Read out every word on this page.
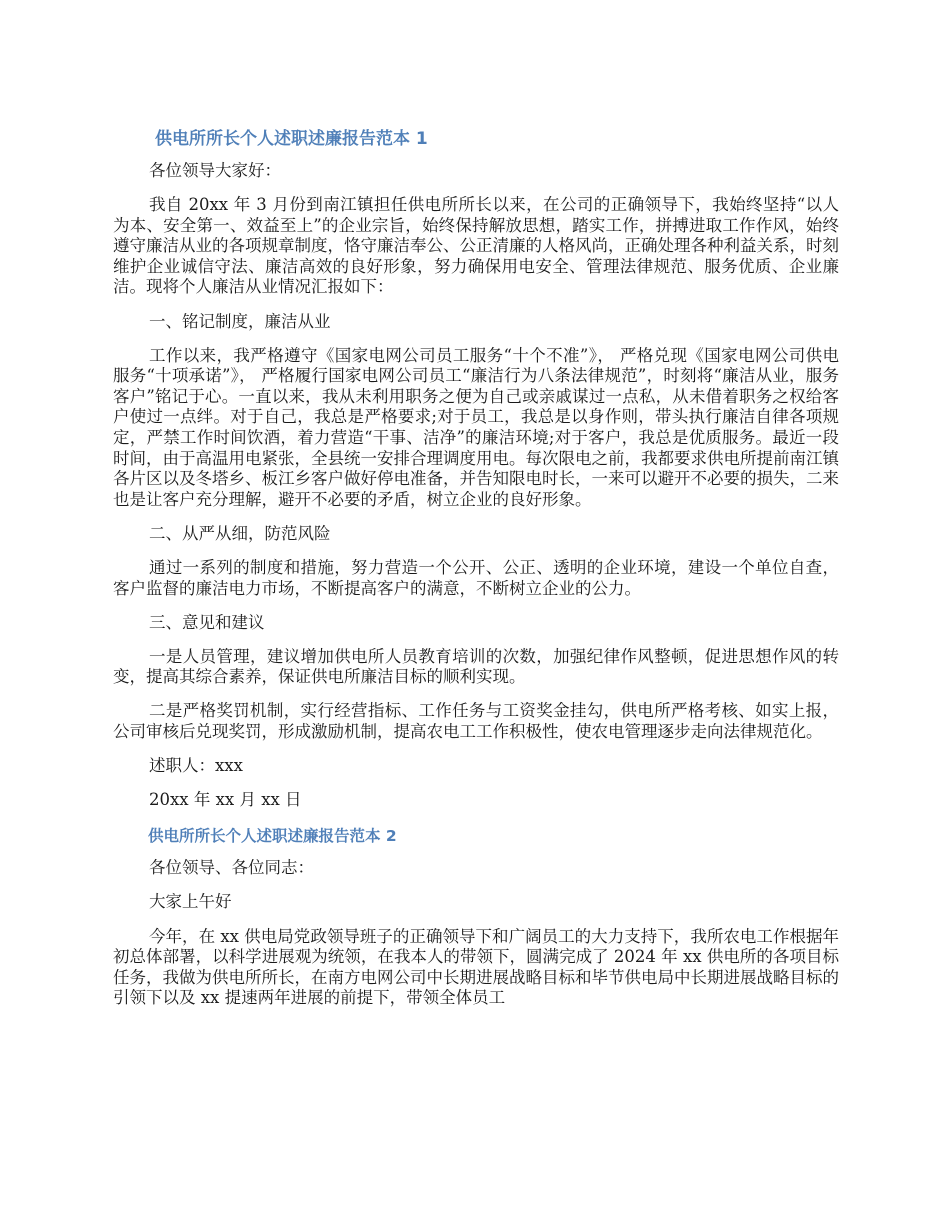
供电所所长个人述职述廉报告范本 1

各位领导大家好：

我自 20xx 年 3 月份到南江镇担任供电所所长以来，在公司的正确领导下，我始终坚持“以人为本、安全第一、效益至上”的企业宗旨，始终保持解放思想，踏实工作，拼搏进取工作作风，始终遵守廉洁从业的各项规章制度，恪守廉洁奉公、公正清廉的人格风尚，正确处理各种利益关系，时刻维护企业诚信守法、廉洁高效的良好形象，努力确保用电安全、管理法律规范、服务优质、企业廉洁。现将个人廉洁从业情况汇报如下：

一、铭记制度，廉洁从业

工作以来，我严格遵守《国家电网公司员工服务“十个不准”》， 严格兑现《国家电网公司供电服务“十项承诺”》， 严格履行国家电网公司员工“廉洁行为八条法律规范”，时刻将“廉洁从业，服务客户”铭记于心。一直以来，我从未利用职务之便为自己或亲戚谋过一点私，从未借着职务之权给客户使过一点绊。对于自己，我总是严格要求;对于员工，我总是以身作则，带头执行廉洁自律各项规定，严禁工作时间饮酒，着力营造“干事、洁净”的廉洁环境;对于客户，我总是优质服务。最近一段时间，由于高温用电紧张，全县统一安排合理调度用电。每次限电之前，我都要求供电所提前南江镇各片区以及冬塔乡、板江乡客户做好停电准备，并告知限电时长，一来可以避开不必要的损失，二来也是让客户充分理解，避开不必要的矛盾，树立企业的良好形象。

二、从严从细，防范风险

通过一系列的制度和措施，努力营造一个公开、公正、透明的企业环境，建设一个单位自查，客户监督的廉洁电力市场，不断提高客户的满意，不断树立企业的公力。

三、意见和建议

一是人员管理，建议增加供电所人员教育培训的次数，加强纪律作风整顿，促进思想作风的转变，提高其综合素养，保证供电所廉洁目标的顺利实现。

二是严格奖罚机制，实行经营指标、工作任务与工资奖金挂勾，供电所严格考核、如实上报，公司审核后兑现奖罚，形成激励机制，提高农电工工作积极性，使农电管理逐步走向法律规范化。

述职人：xxx

20xx 年 xx 月 xx 日

供电所所长个人述职述廉报告范本 2

各位领导、各位同志：

大家上午好

今年，在 xx 供电局党政领导班子的正确领导下和广阔员工的大力支持下，我所农电工作根据年初总体部署，以科学进展观为统领，在我本人的带领下，圆满完成了 2024 年 xx 供电所的各项目标任务，我做为供电所所长，在南方电网公司中长期进展战略目标和毕节供电局中长期进展战略目标的引领下以及 xx 提速两年进展的前提下，带领全体员工
